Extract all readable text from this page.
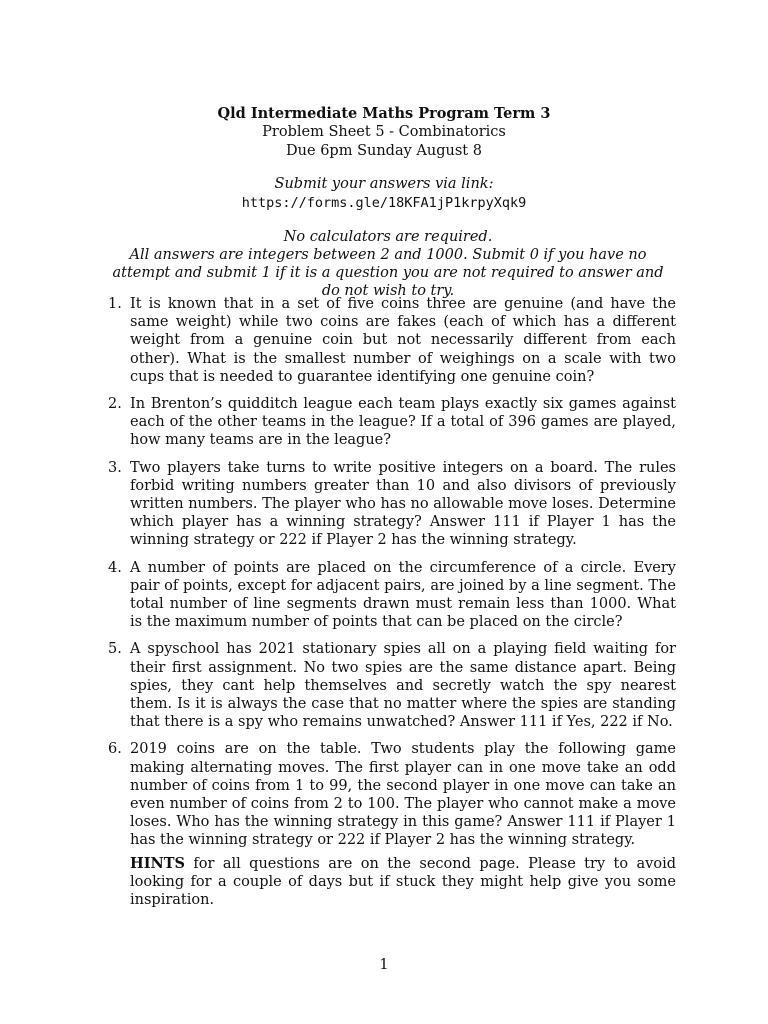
Qld Intermediate Maths Program Term 3
Problem Sheet 5 - Combinatorics
Due 6pm Sunday August 8
Submit your answers via link:
https://forms.gle/18KFA1jP1krpyXqk9
No calculators are required.
All answers are integers between 2 and 1000. Submit 0 if you have no attempt and submit 1 if it is a question you are not required to answer and do not wish to try.
1. It is known that in a set of five coins three are genuine (and have the same weight) while two coins are fakes (each of which has a different weight from a genuine coin but not necessarily different from each other). What is the smallest number of weighings on a scale with two cups that is needed to guarantee identifying one genuine coin?
2. In Brenton’s quidditch league each team plays exactly six games against each of the other teams in the league? If a total of 396 games are played, how many teams are in the league?
3. Two players take turns to write positive integers on a board. The rules forbid writing numbers greater than 10 and also divisors of previously written numbers. The player who has no allowable move loses. Determine which player has a winning strategy? Answer 111 if Player 1 has the winning strategy or 222 if Player 2 has the winning strategy.
4. A number of points are placed on the circumference of a circle. Every pair of points, except for adjacent pairs, are joined by a line segment. The total number of line segments drawn must remain less than 1000. What is the maximum number of points that can be placed on the circle?
5. A spyschool has 2021 stationary spies all on a playing field waiting for their first assignment. No two spies are the same distance apart. Being spies, they cant help themselves and secretly watch the spy nearest them. Is it is always the case that no matter where the spies are standing that there is a spy who remains unwatched? Answer 111 if Yes, 222 if No.
6. 2019 coins are on the table. Two students play the following game making alternating moves. The first player can in one move take an odd number of coins from 1 to 99, the second player in one move can take an even number of coins from 2 to 100. The player who cannot make a move loses. Who has the winning strategy in this game? Answer 111 if Player 1 has the winning strategy or 222 if Player 2 has the winning strategy.
HINTS for all questions are on the second page. Please try to avoid looking for a couple of days but if stuck they might help give you some inspiration.
1
